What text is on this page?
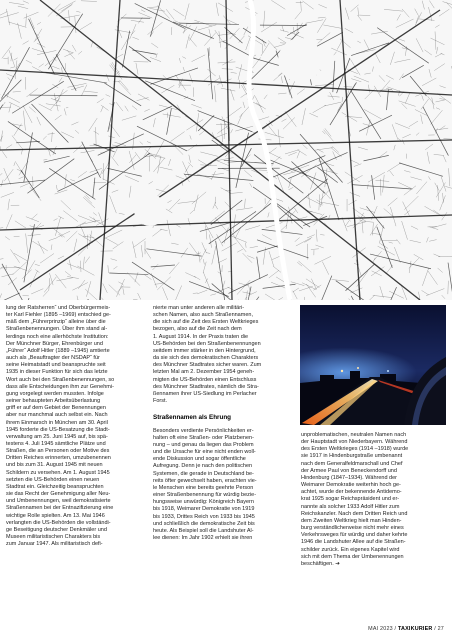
lung der Ratsherren“ und Oberbürgermeis-
ter Karl Fiehler (1895 –1969) entschied ge-
mäß dem „Führerprinzip“ alleine über die
Straßenbenennungen. Über ihm stand al-
lerdings noch eine allerhöchste Institution:
Der Münchner Bürger, Ehrenbürger und
„Führer“ Adolf Hitler (1889 –1945) amtierte
auch als „Beauftragter der NSDAP“ für
seine Heimatstadt und beanspruchte seit
1935 in dieser Funktion für sich das letzte
Wort auch bei den Straßenbenennungen, so
dass alle Entscheidungen ihm zur Genehmi-
gung vorgelegt werden mussten. Infolge
seiner behaupteten Arbeitsüberlastung
griff er auf dem Gebiet der Benennungen
aber nur manchmal auch selbst ein. Nach
ihrem Einmarsch in München am 30. April
1945 forderte die US-Besatzung die Stadt-
verwaltung am 25. Juni 1945 auf, bis spä-
testens 4. Juli 1945 sämtliche Plätze und
Straßen, die an Personen oder Motive des
Dritten Reiches erinnerten, umzubenennen
und bis zum 31. August 1945 mit neuen
Schildern zu versehen. Am 1. August 1945
setzten die US-Behörden einen neuen
Stadtrat ein. Gleichzeitig beanspruchten
sie das Recht der Genehmigung aller Neu-
und Umbenennungen, weil demokratisierte
Straßennamen bei der Entnazifizierung eine
wichtige Rolle spielten. Am 13. Mai 1946
verlangten die US-Behörden die vollständi-
ge Beseitigung deutscher Denkmäler und
Museen militaristischen Charakters bis
zum Januar 1947. Als militaristisch defi-

nierte man unter anderen alle militäri-
schen Namen, also auch Straßennamen,
die sich auf die Zeit des Ersten Weltkrieges
bezogen, also auf die Zeit nach dem
1. August 1914. In der Praxis traten die
US-Behörden bei den Straßenbenennungen
seitdem immer stärker in den Hintergrund,
da sie sich des demokratischen Charakters
des Münchner Stadtrates sicher waren. Zum
letzten Mal am 2. Dezember 1954 geneh-
migten die US-Behörden einen Entschluss
des Münchner Stadtrates, nämlich die Stra-
ßennamen ihrer US-Siedlung im Perlacher
Forst.

Straßennamen als Ehrung

Besonders verdiente Persönlichkeiten er-
halten oft eine Straßen- oder Platzbenen-
nung – und genau da liegen das Problem
und die Ursache für eine nicht enden woll-
ende Diskussion und sogar öffentliche
Aufregung. Denn je nach den politischen
Systemen, die gerade in Deutschland be-
reits öfter gewechselt haben, erachten vie-
le Menschen eine bereits geehrte Person
einer Straßenbenennung für würdig bezie-
hungsweise unwürdig: Königreich Bayern
bis 1918, Weimarer Demokratie von 1919
bis 1933, Drittes Reich von 1933 bis 1945
und schließlich die demokratische Zeit bis
heute. Als Beispiel soll die Landshuter Al-
lee dienen: Im Jahr 1902 erhielt sie ihren

unproblematischen, neutralen Namen nach
der Hauptstadt von Niederbayern. Während
des Ersten Weltkrieges (1914 –1918) wurde
sie 1917 in Hindenburgstraße umbenannt
nach dem Generalfeldmarschall und Chef
der Armee Paul von Beneckendorff und
Hindenburg (1847–1934). Während der
Weimarer Demokratie weiterhin hoch ge-
achtet, wurde der bekennende Antidemo-
krat 1925 sogar Reichspräsident und er-
nannte als solcher 1933 Adolf Hitler zum
Reichskanzler. Nach dem Dritten Reich und
dem Zweiten Weltkrieg hielt man Hinden-
burg verständlicherweise nicht mehr eines
Verkehrsweges für würdig und daher kehrte
1946 die Landshuter Allee auf die Straßen-
schilder zurück. Ein eigenes Kapitel wird
sich mit dem Thema der Umbenennungen
beschäftigen. ➔

MAI 2023 / TAXIKURIER / 27
